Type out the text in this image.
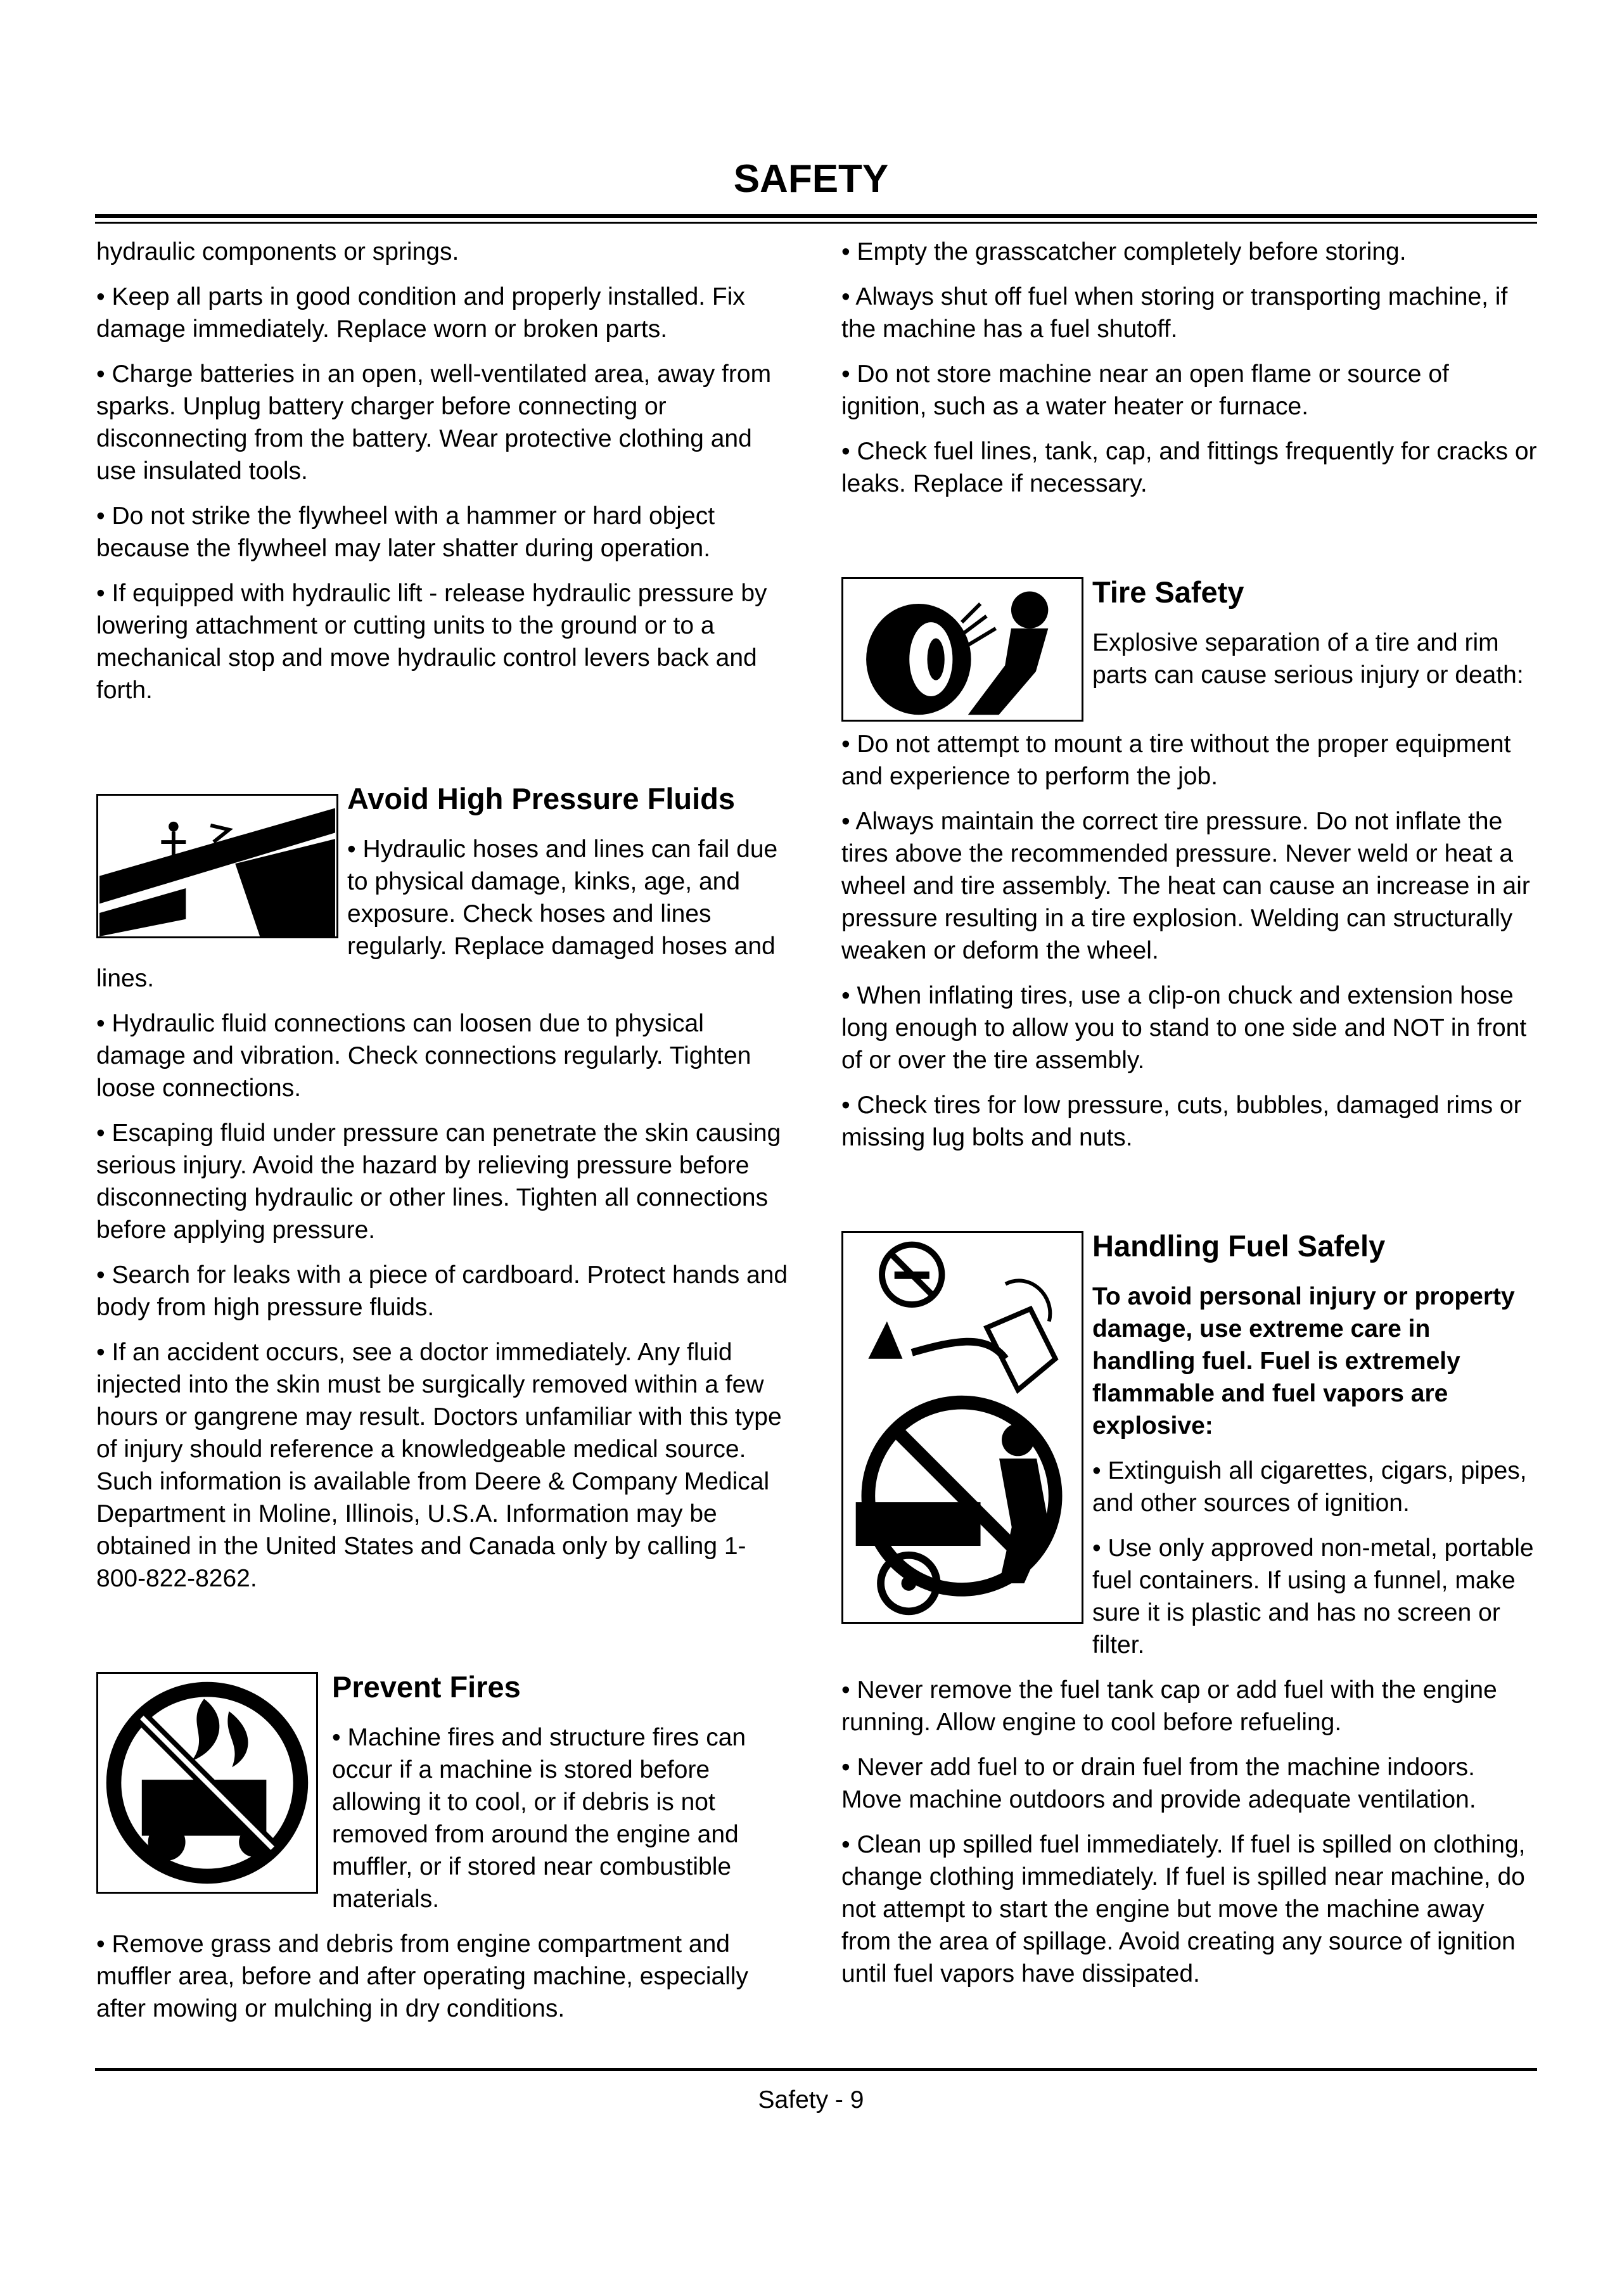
SAFETY

hydraulic components or springs.

• Keep all parts in good condition and properly installed. Fix damage immediately. Replace worn or broken parts.

• Charge batteries in an open, well-ventilated area, away from sparks. Unplug battery charger before connecting or disconnecting from the battery. Wear protective clothing and use insulated tools.

• Do not strike the flywheel with a hammer or hard object because the flywheel may later shatter during operation.

• If equipped with hydraulic lift - release hydraulic pressure by lowering attachment or cutting units to the ground or to a mechanical stop and move hydraulic control levers back and forth.

Avoid High Pressure Fluids

• Hydraulic hoses and lines can fail due to physical damage, kinks, age, and exposure. Check hoses and lines regularly. Replace damaged hoses and lines.

• Hydraulic fluid connections can loosen due to physical damage and vibration. Check connections regularly. Tighten loose connections.

• Escaping fluid under pressure can penetrate the skin causing serious injury. Avoid the hazard by relieving pressure before disconnecting hydraulic or other lines. Tighten all connections before applying pressure.

• Search for leaks with a piece of cardboard. Protect hands and body from high pressure fluids.

• If an accident occurs, see a doctor immediately. Any fluid injected into the skin must be surgically removed within a few hours or gangrene may result. Doctors unfamiliar with this type of injury should reference a knowledgeable medical source. Such information is available from Deere & Company Medical Department in Moline, Illinois, U.S.A. Information may be obtained in the United States and Canada only by calling 1-800-822-8262.

Prevent Fires

• Machine fires and structure fires can occur if a machine is stored before allowing it to cool, or if debris is not removed from around the engine and muffler, or if stored near combustible materials.

• Remove grass and debris from engine compartment and muffler area, before and after operating machine, especially after mowing or mulching in dry conditions.

• Empty the grasscatcher completely before storing.

• Always shut off fuel when storing or transporting machine, if the machine has a fuel shutoff.

• Do not store machine near an open flame or source of ignition, such as a water heater or furnace.

• Check fuel lines, tank, cap, and fittings frequently for cracks or leaks. Replace if necessary.

Tire Safety

Explosive separation of a tire and rim parts can cause serious injury or death:

• Do not attempt to mount a tire without the proper equipment and experience to perform the job.

• Always maintain the correct tire pressure. Do not inflate the tires above the recommended pressure. Never weld or heat a wheel and tire assembly. The heat can cause an increase in air pressure resulting in a tire explosion. Welding can structurally weaken or deform the wheel.

• When inflating tires, use a clip-on chuck and extension hose long enough to allow you to stand to one side and NOT in front of or over the tire assembly.

• Check tires for low pressure, cuts, bubbles, damaged rims or missing lug bolts and nuts.

Handling Fuel Safely

To avoid personal injury or property damage, use extreme care in handling fuel. Fuel is extremely flammable and fuel vapors are explosive:

• Extinguish all cigarettes, cigars, pipes, and other sources of ignition.

• Use only approved non-metal, portable fuel containers. If using a funnel, make sure it is plastic and has no screen or filter.

• Never remove the fuel tank cap or add fuel with the engine running. Allow engine to cool before refueling.

• Never add fuel to or drain fuel from the machine indoors. Move machine outdoors and provide adequate ventilation.

• Clean up spilled fuel immediately. If fuel is spilled on clothing, change clothing immediately. If fuel is spilled near machine, do not attempt to start the engine but move the machine away from the area of spillage. Avoid creating any source of ignition until fuel vapors have dissipated.

Safety - 9
